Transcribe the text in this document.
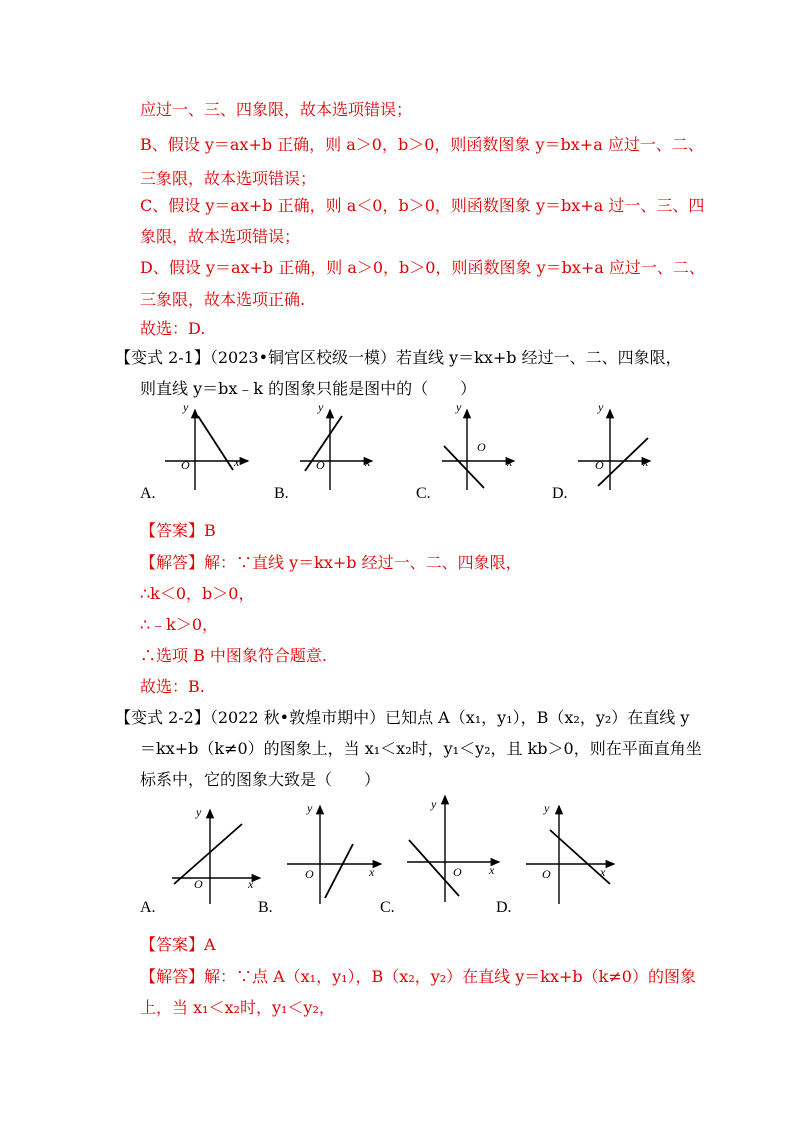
应过一、三、四象限，故本选项错误；
B、假设 y＝ax+b 正确，则 a＞0，b＞0，则函数图象 y＝bx+a 应过一、二、
三象限，故本选项错误；
C、假设 y＝ax+b 正确，则 a＜0，b＞0，则函数图象 y＝bx+a 过一、三、四
象限，故本选项错误；
D、假设 y＝ax+b 正确，则 a＞0，b＞0，则函数图象 y＝bx+a 应过一、二、
三象限，故本选项正确.
故选：D.
【变式 2-1】（2023•铜官区校级一模）若直线 y＝kx+b 经过一、二、四象限，
则直线 y＝bx﹣k 的图象只能是图中的（　　）
y
x
O
A.
y
x
O
B.
y
x
O
C.
y
x
O
D.
【答案】B
【解答】解：∵直线 y＝kx+b 经过一、二、四象限，
∴k＜0，b＞0，
∴﹣k＞0，
∴选项 B 中图象符合题意.
故选：B.
【变式 2-2】（2022 秋•敦煌市期中）已知点 A（x₁，y₁），B（x₂，y₂）在直线 y
＝kx+b（k≠0）的图象上，当 x₁＜x₂时，y₁＜y₂，且 kb＞0，则在平面直角坐
标系中，它的图象大致是（　　）
y
x
O
A.
y
x
O
B.
y
x
O
C.
y
x
O
D.
【答案】A
【解答】解：∵点 A（x₁，y₁），B（x₂，y₂）在直线 y＝kx+b（k≠0）的图象
上，当 x₁＜x₂时，y₁＜y₂，
